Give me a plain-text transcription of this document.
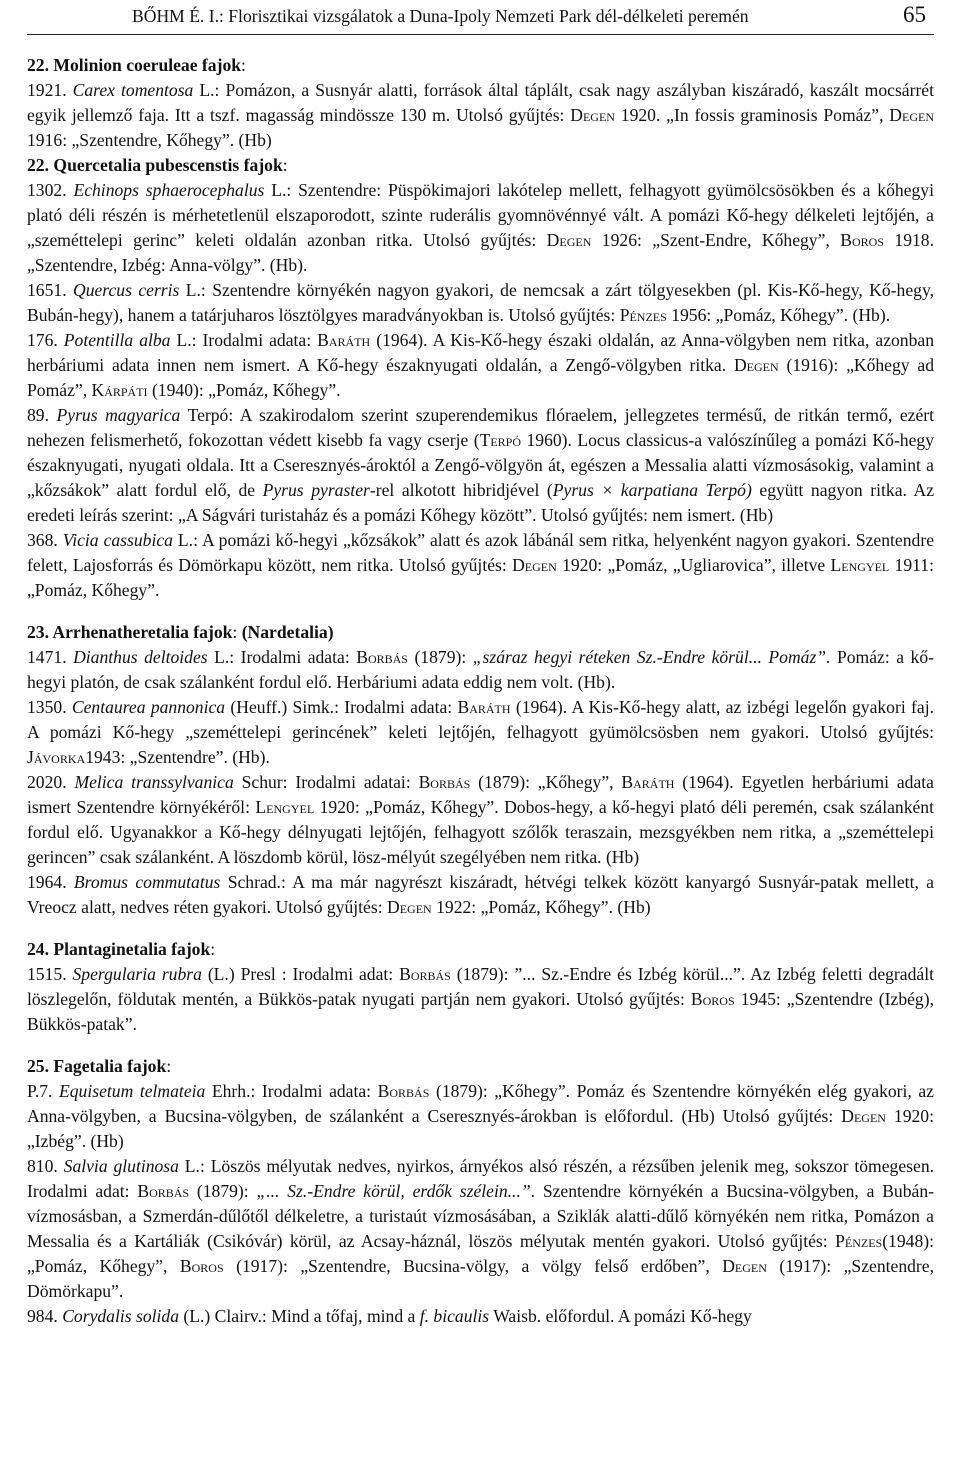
BŐHM É. I.: Florisztikai vizsgálatok a Duna-Ipoly Nemzeti Park dél-délkeleti peremén	65

22. Molinion coeruleae fajok:

1921. Carex tomentosa L.: Pomázon, a Susnyár alatti, források által táplált, csak nagy aszályban kiszáradó, kaszált mocsárrét egyik jellemző faja. Itt a tszf. magasság mindössze 130 m. Utolsó gyűjtés: Degen 1920. „In fossis graminosis Pomáz”, Degen 1916: „Szentendre, Kőhegy”. (Hb)

22. Quercetalia pubescenstis fajok:

1302. Echinops sphaerocephalus L.: Szentendre: Püspökimajori lakótelep mellett, felhagyott gyümölcsösökben és a kőhegyi plató déli részén is mérhetetlenül elszaporodott, szinte ruderális gyomnövénnyé vált. A pomázi Kő-hegy délkeleti lejtőjén, a „szeméttelepi gerinc” keleti oldalán azonban ritka. Utolsó gyűjtés: Degen 1926: „Szent-Endre, Kőhegy”, Boros 1918. „Szentendre, Izbég: Anna-völgy”. (Hb).

1651. Quercus cerris L.: Szentendre környékén nagyon gyakori, de nemcsak a zárt tölgyesekben (pl. Kis-Kő-hegy, Kő-hegy, Bubán-hegy), hanem a tatárjuharos lösztölgyes maradványokban is. Utolsó gyűjtés: Pénzes 1956: „Pomáz, Kőhegy”. (Hb).

176. Potentilla alba L.: Irodalmi adata: Baráth (1964). A Kis-Kő-hegy északi oldalán, az Anna-völgyben nem ritka, azonban herbáriumi adata innen nem ismert. A Kő-hegy északnyugati oldalán, a Zengő-völgyben ritka. Degen (1916): „Kőhegy ad Pomáz”, Kárpáti (1940): „Pomáz, Kőhegy”.

89. Pyrus magyarica Terpó: A szakirodalom szerint szuperendemikus flóraelem, jellegzetes termésű, de ritkán termő, ezért nehezen felismerhető, fokozottan védett kisebb fa vagy cserje (Terpó 1960). Locus classicus-a valószínűleg a pomázi Kő-hegy északnyugati, nyugati oldala. Itt a Cseresznyés-ároktól a Zengő-völgyön át, egészen a Messalia alatti vízmosásokig, valamint a „kőzsákok” alatt fordul elő, de Pyrus pyraster-rel alkotott hibridjével (Pyrus × karpatiana Terpó) együtt nagyon ritka. Az eredeti leírás szerint: „A Ságvári turistaház és a pomázi Kőhegy között”. Utolsó gyűjtés: nem ismert. (Hb)

368. Vicia cassubica L.: A pomázi kő-hegyi „kőzsákok” alatt és azok lábánál sem ritka, helyenként nagyon gyakori. Szentendre felett, Lajosforrás és Dömörkapu között, nem ritka. Utolsó gyűjtés: Degen 1920: „Pomáz, „Ugliarovica”, illetve Lengyel 1911: „Pomáz, Kőhegy”.

23. Arrhenatheretalia fajok: (Nardetalia)

1471. Dianthus deltoides L.: Irodalmi adata: Borbás (1879): „száraz hegyi réteken Sz.-Endre körül... Pomáz”. Pomáz: a kő-hegyi platón, de csak szálanként fordul elő. Herbáriumi adata eddig nem volt. (Hb).

1350. Centaurea pannonica (Heuff.) Simk.: Irodalmi adata: Baráth (1964). A Kis-Kő-hegy alatt, az izbégi legelőn gyakori faj. A pomázi Kő-hegy „szeméttelepi gerincének” keleti lejtőjén, felhagyott gyümölcsösben nem gyakori. Utolsó gyűjtés: Jávorka1943: „Szentendre”. (Hb).

2020. Melica transsylvanica Schur: Irodalmi adatai: Borbás (1879): „Kőhegy”, Baráth (1964). Egyetlen herbáriumi adata ismert Szentendre környékéről: Lengyel 1920: „Pomáz, Kőhegy”. Dobos-hegy, a kő-hegyi plató déli peremén, csak szálanként fordul elő. Ugyanakkor a Kő-hegy délnyugati lejtőjén, felhagyott szőlők teraszain, mezsgyékben nem ritka, a „szeméttelepi gerincen” csak szálanként. A löszdomb körül, lösz-mélyút szegélyében nem ritka. (Hb)

1964. Bromus commutatus Schrad.: A ma már nagyrészt kiszáradt, hétvégi telkek között kanyargó Susnyár-patak mellett, a Vreocz alatt, nedves réten gyakori. Utolsó gyűjtés: Degen 1922: „Pomáz, Kőhegy”. (Hb)

24. Plantaginetalia fajok:

1515. Spergularia rubra (L.) Presl : Irodalmi adat: Borbás (1879): ”... Sz.-Endre és Izbég körül...”. Az Izbég feletti degradált löszlegelőn, földutak mentén, a Bükkös-patak nyugati partján nem gyakori. Utolsó gyűjtés: Boros 1945: „Szentendre (Izbég), Bükkös-patak”.

25. Fagetalia fajok:

P.7. Equisetum telmateia Ehrh.: Irodalmi adata: Borbás (1879): „Kőhegy”. Pomáz és Szentendre környékén elég gyakori, az Anna-völgyben, a Bucsina-völgyben, de szálanként a Cseresznyés-árokban is előfordul. (Hb) Utolsó gyűjtés: Degen 1920: „Izbég”. (Hb)

810. Salvia glutinosa L.: Löszös mélyutak nedves, nyirkos, árnyékos alsó részén, a rézsűben jelenik meg, sokszor tömegesen. Irodalmi adat: Borbás (1879): „... Sz.-Endre körül, erdők szélein...”. Szentendre környékén a Bucsina-völgyben, a Bubán-vízmosásban, a Szmerdán-dűlőtől délkeletre, a turistaút vízmosásában, a Sziklák alatti-dűlő környékén nem ritka, Pomázon a Messalia és a Kartáliák (Csikóvár) körül, az Acsay-háznál, löszös mélyutak mentén gyakori. Utolsó gyűjtés: Pénzes(1948): „Pomáz, Kőhegy”, Boros (1917): „Szentendre, Bucsina-völgy, a völgy felső erdőben”, Degen (1917): „Szentendre, Dömörkapu”.

984. Corydalis solida (L.) Clairv.: Mind a tőfaj, mind a f. bicaulis Waisb. előfordul. A pomázi Kő-hegy
